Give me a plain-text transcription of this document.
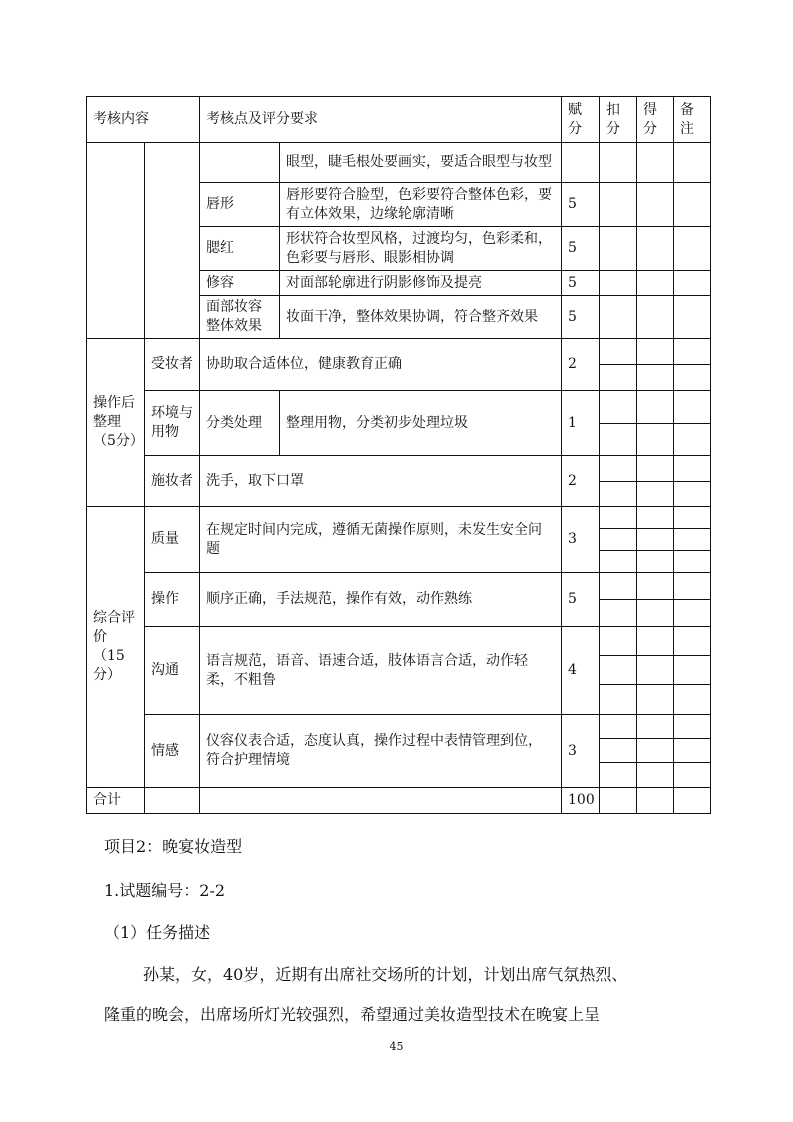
考核内容		考核点及评分要求		赋分	扣分	得分	备注
			眼型，睫毛根处要画实，要适合眼型与妆型				
		唇形	唇形要符合脸型，色彩要符合整体色彩，要有立体效果，边缘轮廓清晰	5			
		腮红	形状符合妆型风格，过渡均匀，色彩柔和，色彩要与唇形、眼影相协调	5			
		修容	对面部轮廓进行阴影修饰及提亮	5			
		面部妆容整体效果	妆面干净，整体效果协调，符合整齐效果	5			
操作后整理（5分）	受妆者	协助取合适体位，健康教育正确		2			

	环境与用物	分类处理	整理用物，分类初步处理垃圾	1			

	施妆者	洗手，取下口罩		2			

综合评价（15分）	质量	在规定时间内完成，遵循无菌操作原则，未发生安全问题		3			

	操作	顺序正确，手法规范，操作有效，动作熟练		5			

	沟通	语言规范，语音、语速合适，肢体语言合适，动作轻柔，不粗鲁		4			

	情感	仪容仪表合适，态度认真，操作过程中表情管理到位，符合护理情境		3			

合计				100			
项目2：晚宴妆造型
1.试题编号：2-2
（1）任务描述
孙某，女，40岁，近期有出席社交场所的计划，计划出席气氛热烈、
隆重的晚会，出席场所灯光较强烈，希望通过美妆造型技术在晚宴上呈
45
